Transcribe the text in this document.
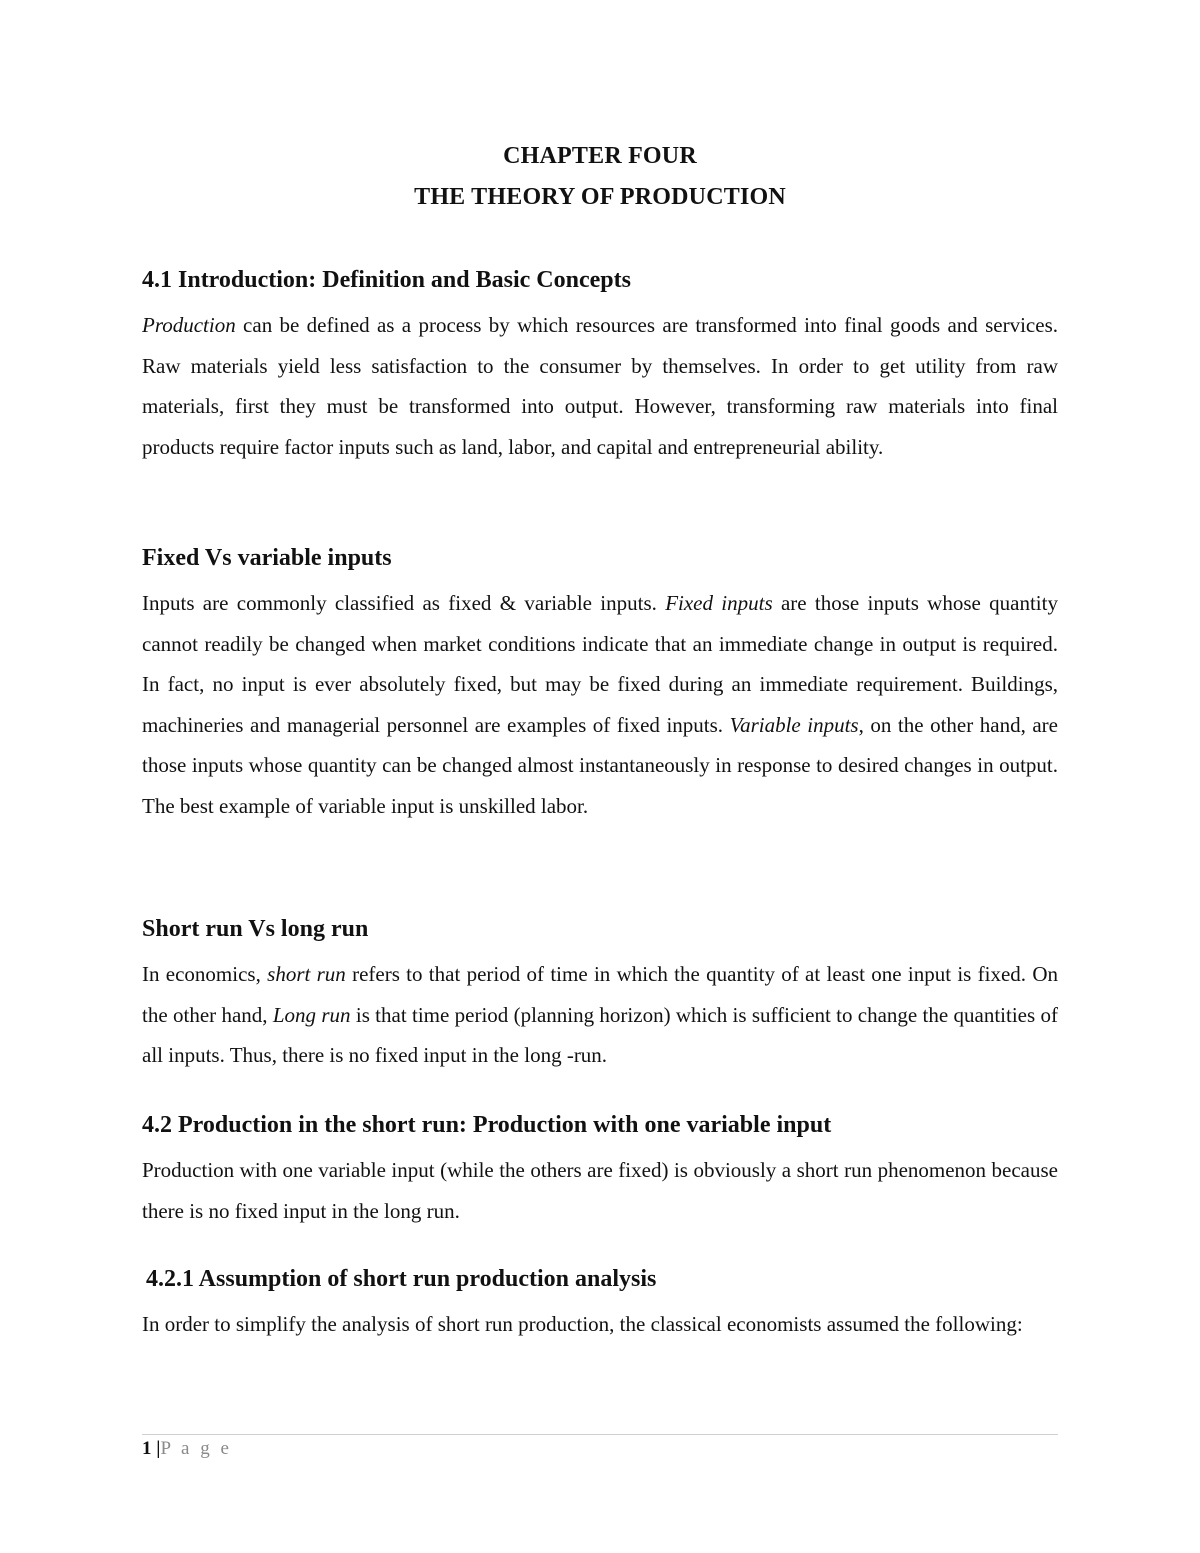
CHAPTER FOUR
THE THEORY OF PRODUCTION
4.1 Introduction: Definition and Basic Concepts

Production can be defined as a process by which resources are transformed into final goods and services. Raw materials yield less satisfaction to the consumer by themselves. In order to get utility from raw materials, first they must be transformed into output. However, transforming raw materials into final products require factor inputs such as land, labor, and capital and entrepreneurial ability.

Fixed Vs variable inputs

Inputs are commonly classified as fixed & variable inputs. Fixed inputs are those inputs whose quantity cannot readily be changed when market conditions indicate that an immediate change in output is required. In fact, no input is ever absolutely fixed, but may be fixed during an immediate requirement. Buildings, machineries and managerial personnel are examples of fixed inputs. Variable inputs, on the other hand, are those inputs whose quantity can be changed almost instantaneously in response to desired changes in output. The best example of variable input is unskilled labor.

Short run Vs long run

In economics, short run refers to that period of time in which the quantity of at least one input is fixed. On the other hand, Long run is that time period (planning horizon) which is sufficient to change the quantities of all inputs. Thus, there is no fixed input in the long -run.

4.2 Production in the short run: Production with one variable input

Production with one variable input (while the others are fixed) is obviously a short run phenomenon because there is no fixed input in the long run.

4.2.1 Assumption of short run production analysis

In order to simplify the analysis of short run production, the classical economists assumed the following:

1 |P a g e
